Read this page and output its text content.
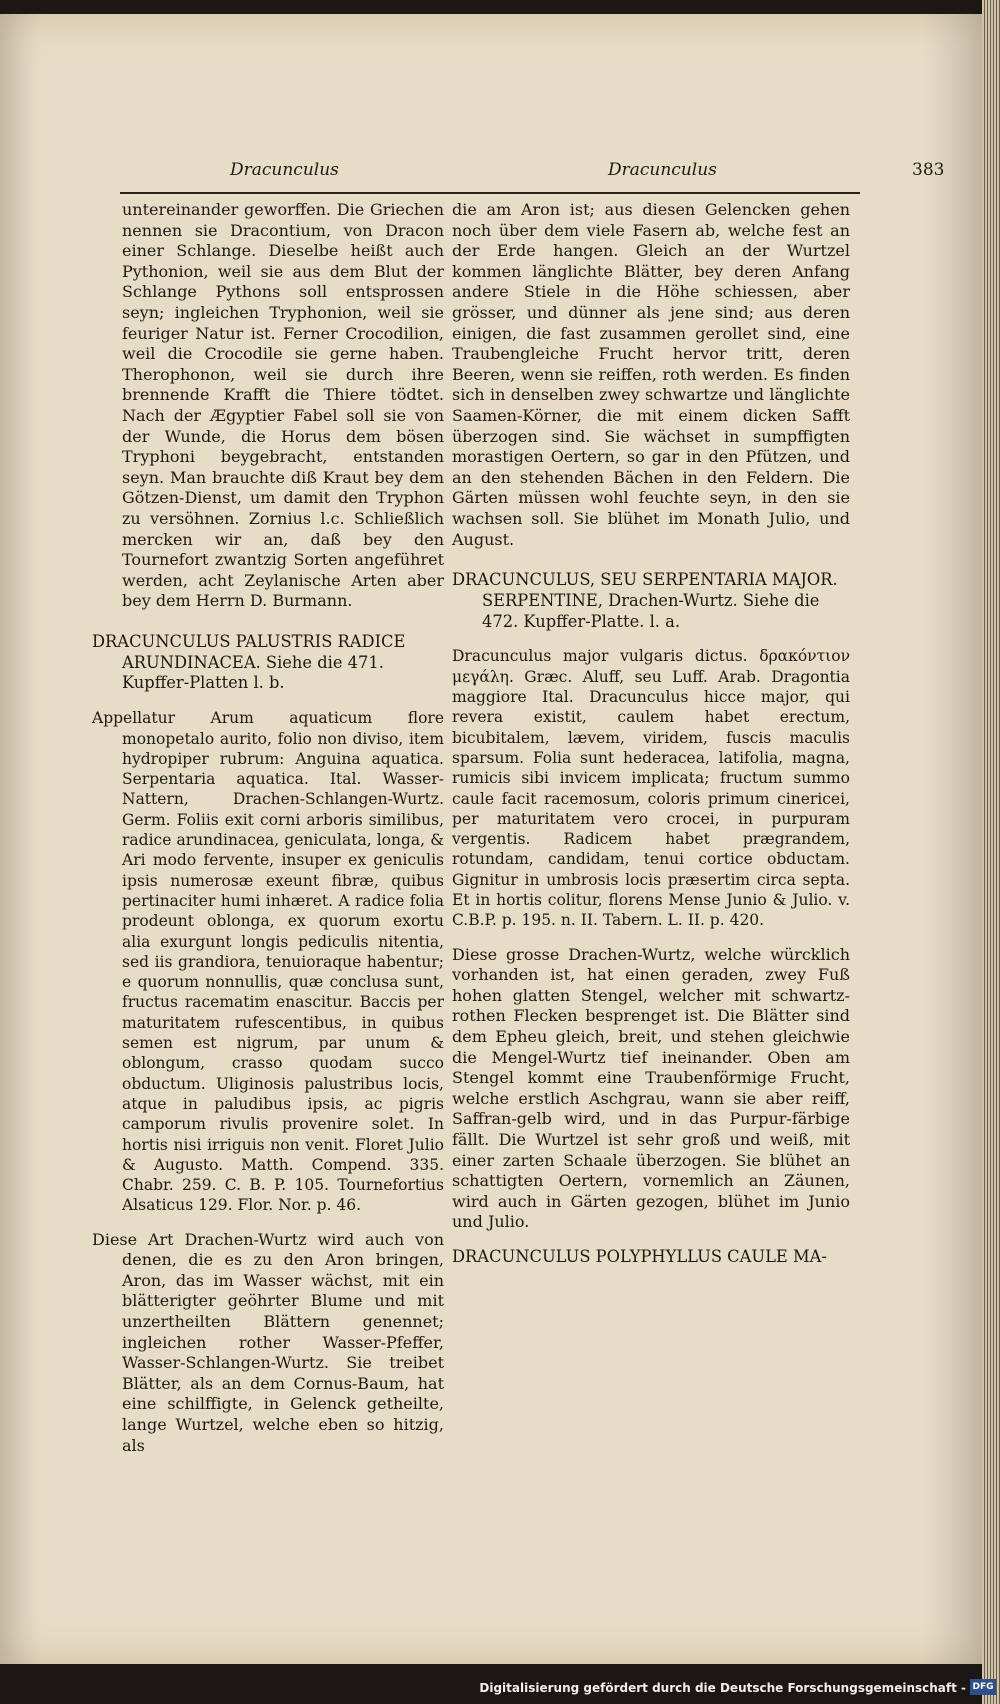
Dracunculus	Dracunculus	383

untereinander geworffen. Die Griechen nennen sie Dracontium, von Dracon einer Schlange. Dieselbe heißt auch Pythonion, weil sie aus dem Blut der Schlange Pythons soll entsprossen seyn; ingleichen Tryphonion, weil sie feuriger Natur ist. Ferner Crocodilion, weil die Crocodile sie gerne haben. Therophonon, weil sie durch ihre brennende Krafft die Thiere tödtet. Nach der Ægyptier Fabel soll sie von der Wunde, die Horus dem bösen Tryphoni beygebracht, entstanden seyn. Man brauchte diß Kraut bey dem Götzen-Dienst, um damit den Tryphon zu versöhnen. Zornius l.c. Schließlich mercken wir an, daß bey den Tournefort zwantzig Sorten angeführet werden, acht Zeylanische Arten aber bey dem Herrn D. Burmann.

DRACUNCULUS PALUSTRIS RADICE ARUNDINACEA. Siehe die 471. Kupffer-Platten l. b.

Appellatur Arum aquaticum flore monopetalo aurito, folio non diviso, item hydropiper rubrum: Anguina aquatica. Serpentaria aquatica. Ital. Wasser-Nattern, Drachen-Schlangen-Wurtz. Germ. Foliis exit corni arboris similibus, radice arundinacea, geniculata, longa, & Ari modo fervente, insuper ex geniculis ipsis numerosæ exeunt fibræ, quibus pertinaciter humi inhæret. A radice folia prodeunt oblonga, ex quorum exortu alia exurgunt longis pediculis nitentia, sed iis grandiora, tenuioraque habentur; e quorum nonnullis, quæ conclusa sunt, fructus racematim enascitur. Baccis per maturitatem rufescentibus, in quibus semen est nigrum, par unum & oblongum, crasso quodam succo obductum. Uliginosis palustribus locis, atque in paludibus ipsis, ac pigris camporum rivulis provenire solet. In hortis nisi irriguis non venit. Floret Julio & Augusto. Matth. Compend. 335. Chabr. 259. C. B. P. 105. Tournefortius Alsaticus 129. Flor. Nor. p. 46.

Diese Art Drachen-Wurtz wird auch von denen, die es zu den Aron bringen, Aron, das im Wasser wächst, mit ein blätterigter geöhrter Blume und mit unzertheilten Blättern genennet; ingleichen rother Wasser-Pfeffer, Wasser-Schlangen-Wurtz. Sie treibet Blätter, als an dem Cornus-Baum, hat eine schilffigte, in Gelenck getheilte, lange Wurtzel, welche eben so hitzig, als

die am Aron ist; aus diesen Gelencken gehen noch über dem viele Fasern ab, welche fest an der Erde hangen. Gleich an der Wurtzel kommen länglichte Blätter, bey deren Anfang andere Stiele in die Höhe schiessen, aber grösser, und dünner als jene sind; aus deren einigen, die fast zusammen gerollet sind, eine Traubengleiche Frucht hervor tritt, deren Beeren, wenn sie reiffen, roth werden. Es finden sich in denselben zwey schwartze und länglichte Saamen-Körner, die mit einem dicken Safft überzogen sind. Sie wächset in sumpffigten morastigen Oertern, so gar in den Pfützen, und an den stehenden Bächen in den Feldern. Die Gärten müssen wohl feuchte seyn, in den sie wachsen soll. Sie blühet im Monath Julio, und August.

DRACUNCULUS, SEU SERPENTARIA MAJOR. SERPENTINE, Drachen-Wurtz. Siehe die 472. Kupffer-Platte. l. a.

Dracunculus major vulgaris dictus. δρακόντιον μεγάλη. Græc. Aluff, seu Luff. Arab. Dragontia maggiore Ital. Dracunculus hicce major, qui revera existit, caulem habet erectum, bicubitalem, lævem, viridem, fuscis maculis sparsum. Folia sunt hederacea, latifolia, magna, rumicis sibi invicem implicata; fructum summo caule facit racemosum, coloris primum cinericei, per maturitatem vero crocei, in purpuram vergentis. Radicem habet prægrandem, rotundam, candidam, tenui cortice obductam. Gignitur in umbrosis locis præsertim circa septa. Et in hortis colitur, florens Mense Junio & Julio. v. C.B.P. p. 195. n. II. Tabern. L. II. p. 420.

Diese grosse Drachen-Wurtz, welche würcklich vorhanden ist, hat einen geraden, zwey Fuß hohen glatten Stengel, welcher mit schwartz-rothen Flecken besprenget ist. Die Blätter sind dem Epheu gleich, breit, und stehen gleichwie die Mengel-Wurtz tief ineinander. Oben am Stengel kommt eine Traubenförmige Frucht, welche erstlich Aschgrau, wann sie aber reiff, Saffran-gelb wird, und in das Purpur-färbige fällt. Die Wurtzel ist sehr groß und weiß, mit einer zarten Schaale überzogen. Sie blühet an schattigten Oertern, vornemlich an Zäunen, wird auch in Gärten gezogen, blühet im Junio und Julio.

DRACUNCULUS POLYPHYLLUS CAULE MA-

Digitalisierung gefördert durch die Deutsche Forschungsgemeinschaft - DFG
